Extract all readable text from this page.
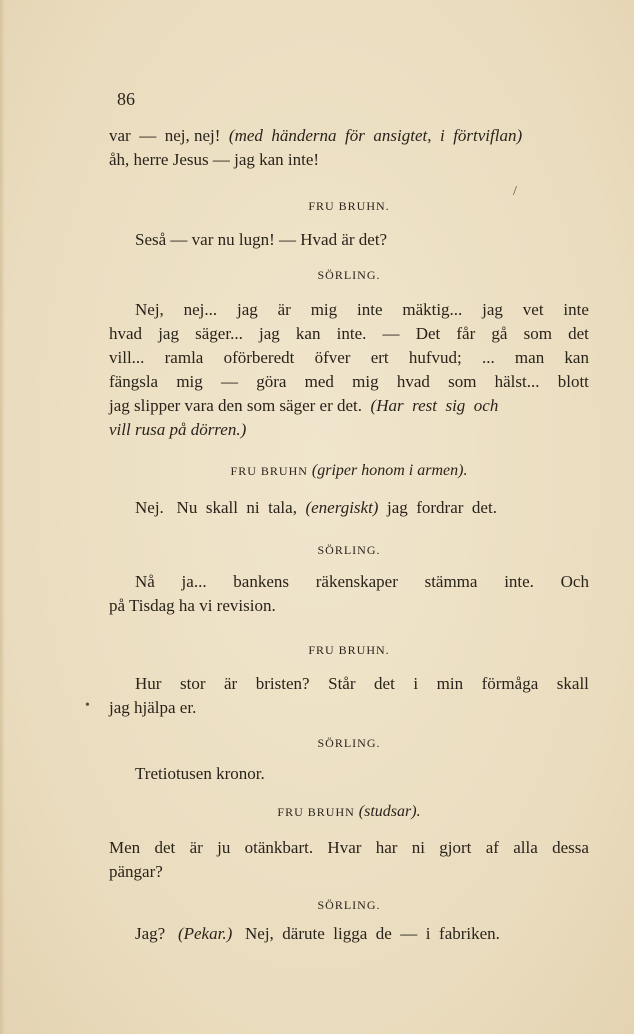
86
var  —  nej, nej!  (med  händerna  för  ansigtet,  i  förtviflan)
åh, herre Jesus — jag kan inte!
/
FRU BRUHN.
Seså — var nu lugn! — Hvad är det?
SÖRLING.
Nej, nej... jag är mig inte mäktig... jag vet inte
hvad jag säger... jag kan inte. — Det får gå som det
vill... ramla oförberedt öfver ert hufvud; ... man kan
fängsla mig — göra med mig hvad som hälst... blott
jag slipper vara den som säger er det.  (Har  rest  sig  och
vill rusa på dörren.)
FRU BRUHN (griper honom i armen).
Nej.   Nu  skall  ni  tala,  (energiskt)  jag  fordrar  det.
SÖRLING.
Nå ja... bankens räkenskaper stämma inte. Och
på Tisdag ha vi revision.
FRU BRUHN.
Hur stor är bristen? Står det i min förmåga skall
jag hjälpa er.
SÖRLING.
Tretiotusen kronor.
FRU BRUHN (studsar).
Men det är ju otänkbart. Hvar har ni gjort af alla dessa
pängar?
SÖRLING.
Jag?   (Pekar.)   Nej,  därute  ligga  de  —  i  fabriken.
•
